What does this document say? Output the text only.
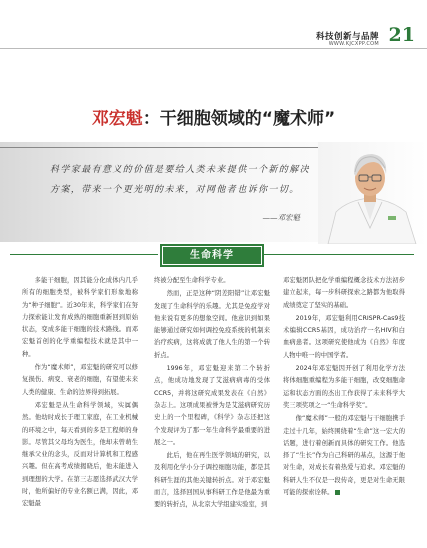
科技创新与品牌
WWW.KJCXPP.COM 21
邓宏魁：干细胞领域的“魔术师”
科学家最有意义的价值是要给人类未来提供一个新的解决方案，带来一个更光明的未来，对网他者也诉你一切。
——邓宏魁
生命科学

多能干细胞，因其能分化成体内几乎所有的细胞类型，被科学家们形象地称为“种子细胞”。近30年来，科学家们在努力探索能让发育成熟的细胞重新回到原始状态，变成多能干细胞的技术路线。而邓宏魁首创的化学重编程技术就是其中一种。

作为“魔术师”，邓宏魁的研究可以修复损伤、病变、衰老的细胞，有望使未来人类的健康、生命的边界得到拓展。

邓宏魁是从生命科学领域，实属偶然。他幼时成长于理工家庭，在工业机械的环境之中，每天看到的多是工程师的身影。尽管其父母均为医生，他却未曾萌生继承父业的念头，反而对计算机和工程感兴趣。但在高考成绩揭晓后，他未能进入到理想的大学。在第三志愿选择武汉大学时，他所偏好的专业名额已满，因此，邓宏魁最

终被分配至生命科学专业。

然而，正是这种“阴差阳错”让邓宏魁发现了生命科学的乐趣。尤其是免疫学对他来说有更多的想象空间。他意识到如果能够通过研究如何调控免疫系统的机制来治疗疾病，这将成就了他人生的第一个转折点。

1996年，邓宏魁迎来第二个转折点，他成功地发现了艾滋病病毒的受体CCR5，并将这研究成果发表在《自然》杂志上。这项成果被誉为是艾滋病研究历史上的一个里程碑，《科学》杂志还把这个发现评为了那一年生命科学最重要的进展之一。

此后，他在再生医学领域的研究，以及利用化学小分子调控细胞功能，都是其科研生涯的其他关键转折点。对于邓宏魁而言，选择回国从事科研工作是他最为重要的转折点，从北京大学组建实验室，到

邓宏魁团队把化学重编程概念技术方法初步建立起来，每一步科研探索之路都为他取得成绩奠定了坚实的基础。

2019年，邓宏魁利用CRISPR-Cas9技术编辑CCR5基因，成功治疗一名HIV和白血病患者。这项研究使他成为《自然》年度人物中唯一的中国学者。

2024年邓宏魁因开创了利用化学方法将体细胞重编程为多能干细胞，改变细胞命运和状态方面的杰出工作获得了未来科学大奖三项奖项之一“生命科学奖”。

像“魔术师”一般的邓宏魁与干细胞携手走过十几年，始终围绕着“生命”这一宏大的话题，进行着创新而具体的研究工作。他选择了“生长”作为自己科研的基点，这源于他对生命，对成长有着热爱与追求。邓宏魁的科研人生不仅是一段传奇，更是对生命无限可能的探索诠释。
